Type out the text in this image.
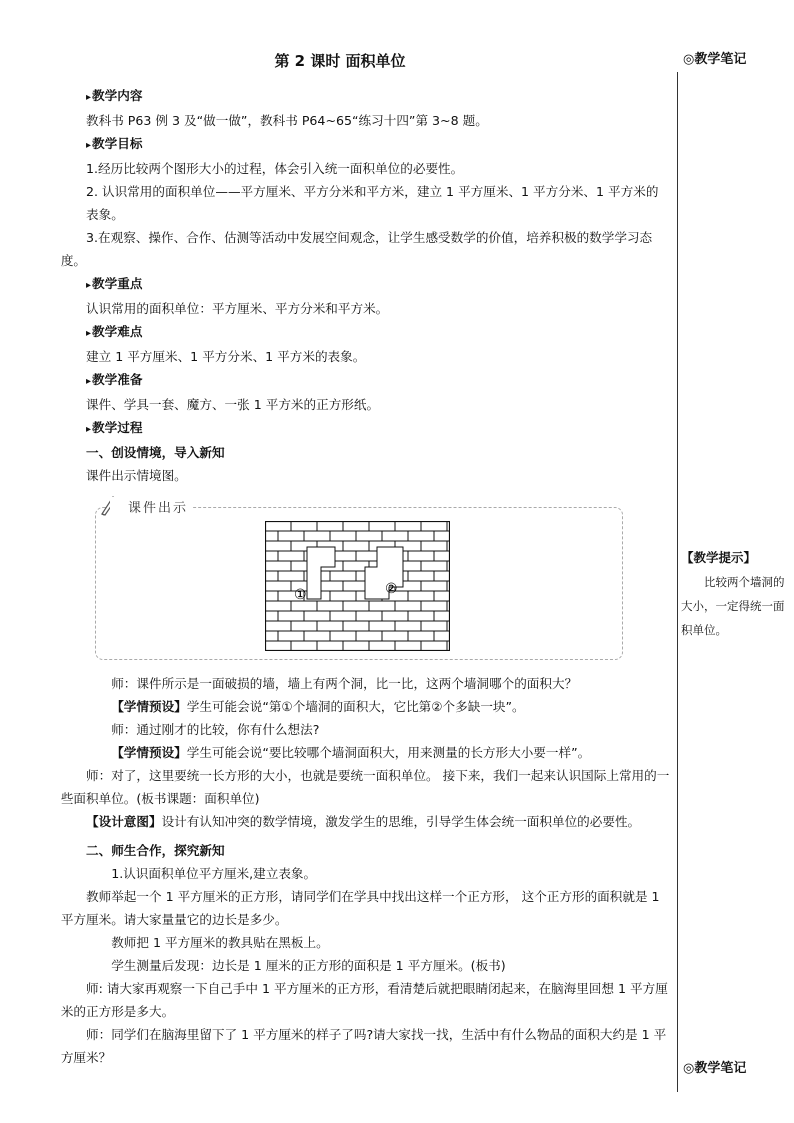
第 2 课时 面积单位	◎教学笔记
◎教学笔记
【教学提示】
比较两个墙洞的大小，一定得统一面积单位。

▸ 教学内容

教科书 P63 例 3 及“做一做”，教科书 P64~65“练习十四”第 3~8 题。

▸ 教学目标

1.经历比较两个图形大小的过程，体会引入统一面积单位的必要性。

2. 认识常用的面积单位——平方厘米、平方分米和平方米，建立 1 平方厘米、1 平方分米、1 平方米的表象。

3.在观察、操作、合作、估测等活动中发展空间观念，让学生感受数学的价值，培养积极的数学学习态度。

▸ 教学重点

认识常用的面积单位：平方厘米、平方分米和平方米。

▸ 教学难点

建立 1 平方厘米、1 平方分米、1 平方米的表象。

▸ 教学准备

课件、学具一套、魔方、一张 1 平方米的正方形纸。

▸ 教学过程

一、创设情境，导入新知

课件出示情境图。

课件出示
①	②

师：课件所示是一面破损的墙，墙上有两个洞，比一比，这两个墙洞哪个的面积大？

【学情预设】学生可能会说“第①个墙洞的面积大，它比第②个多缺一块”。

师：通过刚才的比较，你有什么想法?

【学情预设】学生可能会说“要比较哪个墙洞面积大，用来测量的长方形大小要一样”。

师：对了，这里要统一长方形的大小，也就是要统一面积单位。 接下来，我们一起来认识国际上常用的一些面积单位。(板书课题：面积单位)

【设计意图】设计有认知冲突的数学情境，激发学生的思维，引导学生体会统一面积单位的必要性。

二、师生合作，探究新知

1.认识面积单位平方厘米,建立表象。

教师举起一个 1 平方厘米的正方形，请同学们在学具中找出这样一个正方形， 这个正方形的面积就是 1 平方厘米。请大家量量它的边长是多少。

教师把 1 平方厘米的教具贴在黑板上。

学生测量后发现：边长是 1 厘米的正方形的面积是 1 平方厘米。(板书)

师: 请大家再观察一下自己手中 1 平方厘米的正方形，看清楚后就把眼睛闭起来，在脑海里回想 1 平方厘米的正方形是多大。

师：同学们在脑海里留下了 1 平方厘米的样子了吗?请大家找一找，生活中有什么物品的面积大约是 1 平方厘米？
